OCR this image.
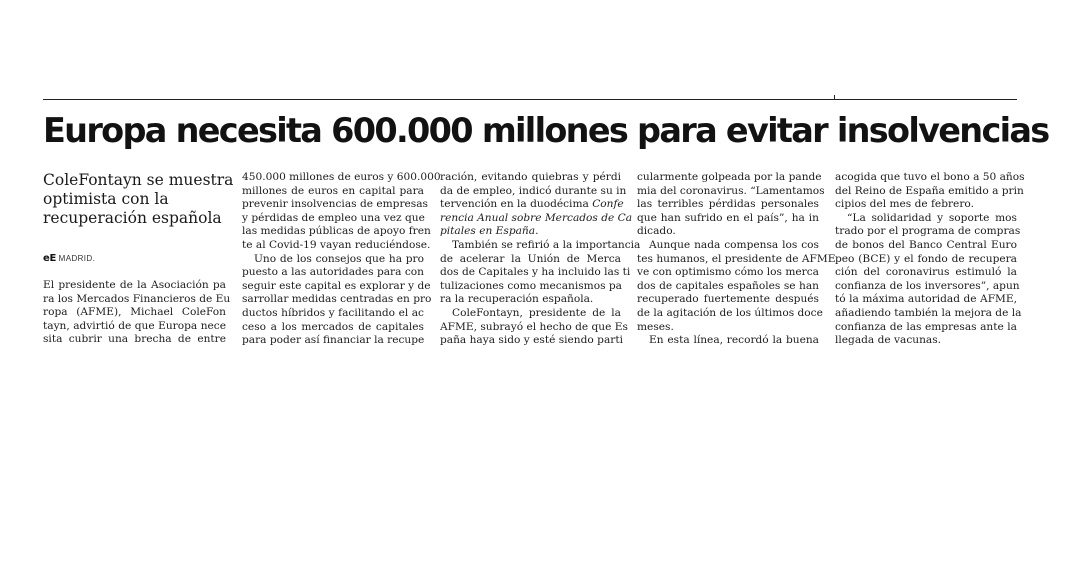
Europa necesita 600.000 millones para evitar insolvencias

ColeFontayn se muestra optimista con la recuperación española

eE MADRID.
El presidente de la Asociación pa
ra los Mercados Financieros de Eu
ropa (AFME), Michael ColeFon
tayn, advirtió de que Europa nece
sita cubrir una brecha de entre
450.000 millones de euros y 600.000
millones de euros en capital para
prevenir insolvencias de empresas
y pérdidas de empleo una vez que
las medidas públicas de apoyo fren
te al Covid-19 vayan reduciéndose.
Uno de los consejos que ha pro
puesto a las autoridades para con
seguir este capital es explorar y de
sarrollar medidas centradas en pro
ductos híbridos y facilitando el ac
ceso a los mercados de capitales
para poder así financiar la recupe
ración, evitando quiebras y pérdi
da de empleo, indicó durante su in
tervención en la duodécima Confe
rencia Anual sobre Mercados de Ca
pitales en España.
También se refirió a la importancia
de acelerar la Unión de Merca
dos de Capitales y ha incluido las ti
tulizaciones como mecanismos pa
ra la recuperación española.
ColeFontayn, presidente de la
AFME, subrayó el hecho de que Es
paña haya sido y esté siendo parti
cularmente golpeada por la pande
mia del coronavirus. “Lamentamos
las terribles pérdidas personales
que han sufrido en el país”, ha in
dicado.
Aunque nada compensa los cos
tes humanos, el presidente de AFME
ve con optimismo cómo los merca
dos de capitales españoles se han
recuperado fuertemente después
de la agitación de los últimos doce
meses.
En esta línea, recordó la buena
acogida que tuvo el bono a 50 años
del Reino de España emitido a prin
cipios del mes de febrero.
“La solidaridad y soporte mos
trado por el programa de compras
de bonos del Banco Central Euro
peo (BCE) y el fondo de recupera
ción del coronavirus estimuló la
confianza de los inversores”, apun
tó la máxima autoridad de AFME,
añadiendo también la mejora de la
confianza de las empresas ante la
llegada de vacunas.
